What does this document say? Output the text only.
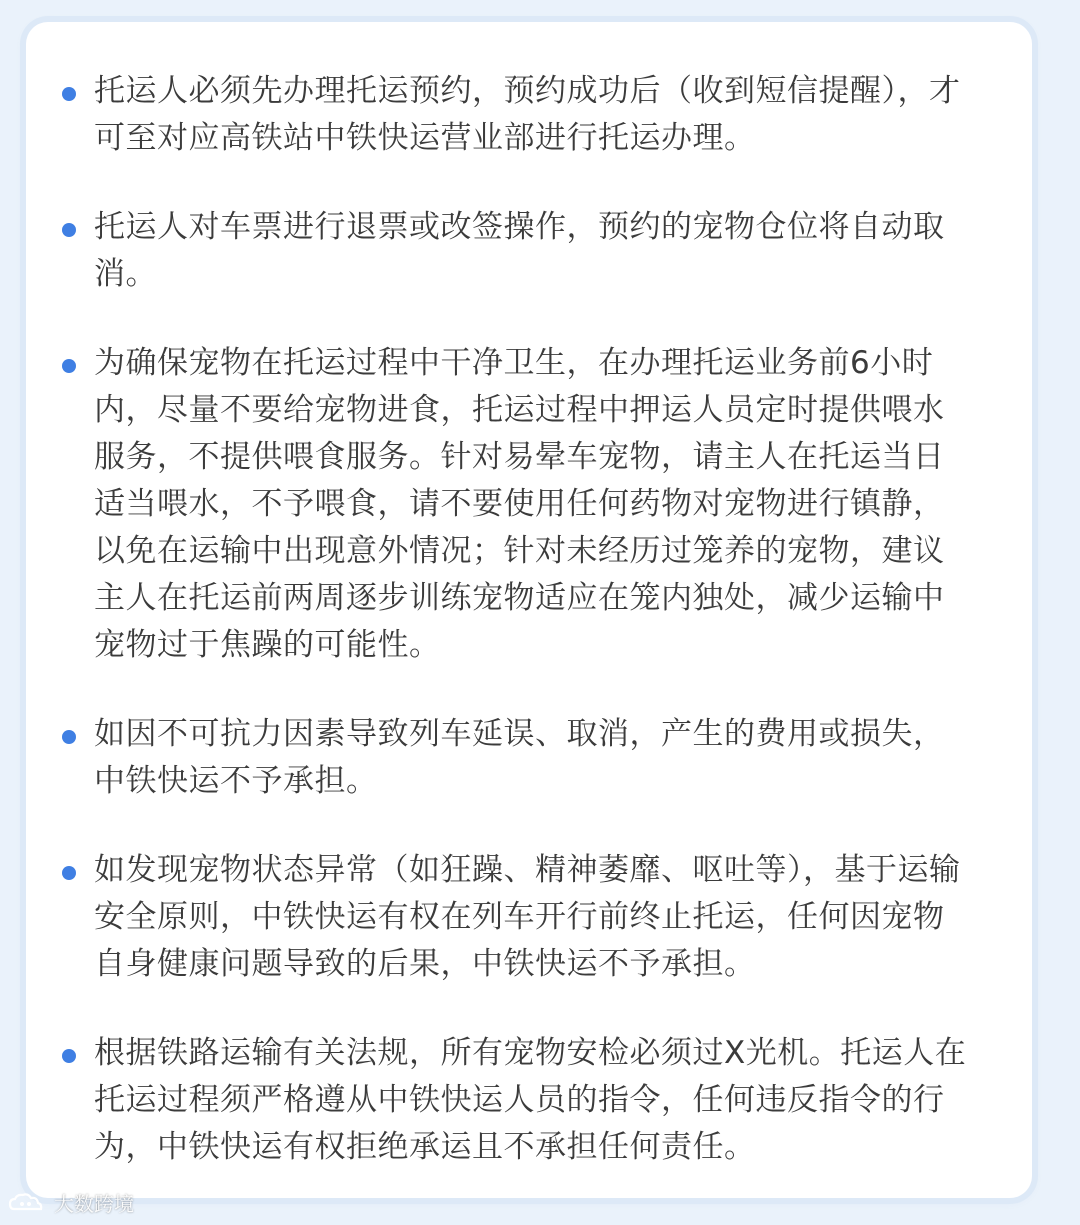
托运人必须先办理托运预约，预约成功后（收到短信提醒），才可至对应高铁站中铁快运营业部进行托运办理。
托运人对车票进行退票或改签操作，预约的宠物仓位将自动取消。
为确保宠物在托运过程中干净卫生，在办理托运业务前6小时内，尽量不要给宠物进食，托运过程中押运人员定时提供喂水服务，不提供喂食服务。针对易晕车宠物，请主人在托运当日适当喂水，不予喂食，请不要使用任何药物对宠物进行镇静，以免在运输中出现意外情况；针对未经历过笼养的宠物，建议主人在托运前两周逐步训练宠物适应在笼内独处，减少运输中宠物过于焦躁的可能性。
如因不可抗力因素导致列车延误、取消，产生的费用或损失，中铁快运不予承担。
如发现宠物状态异常（如狂躁、精神萎靡、呕吐等），基于运输安全原则，中铁快运有权在列车开行前终止托运，任何因宠物自身健康问题导致的后果，中铁快运不予承担。
根据铁路运输有关法规，所有宠物安检必须过X光机。托运人在托运过程须严格遵从中铁快运人员的指令，任何违反指令的行为，中铁快运有权拒绝承运且不承担任何责任。
大数跨境
